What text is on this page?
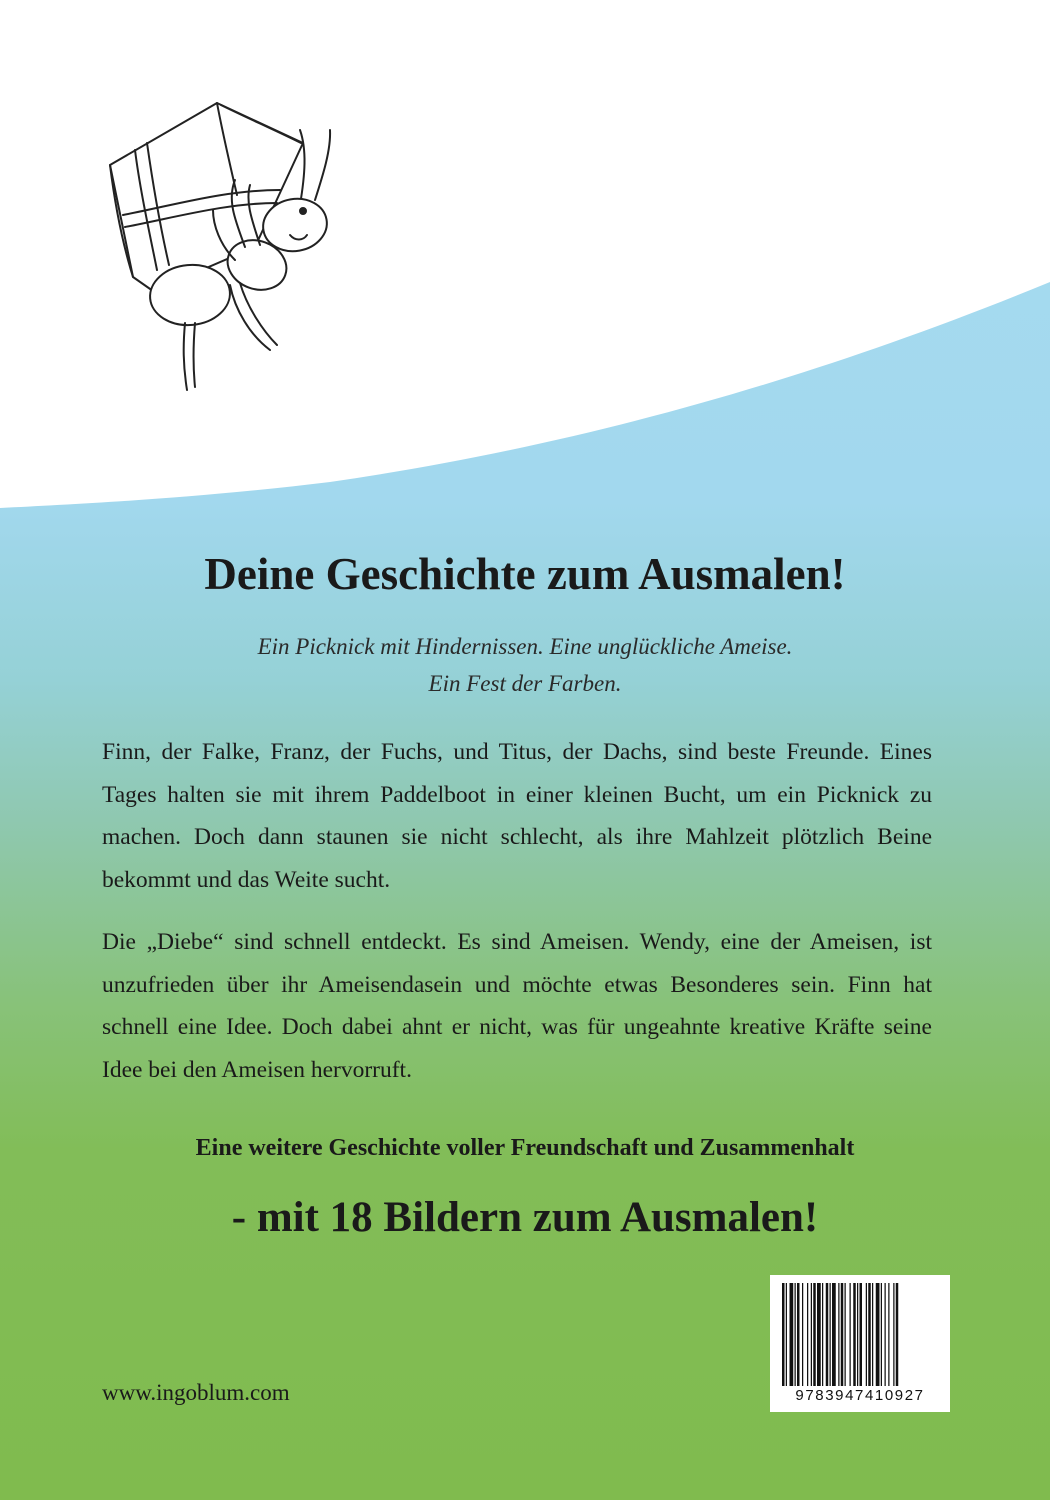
Deine Geschichte zum Ausmalen!
Ein Picknick mit Hindernissen. Eine unglückliche Ameise.
Ein Fest der Farben.

Finn, der Falke, Franz, der Fuchs, und Titus, der Dachs, sind beste Freunde. Eines Tages halten sie mit ihrem Paddelboot in einer kleinen Bucht, um ein Picknick zu machen. Doch dann staunen sie nicht schlecht, als ihre Mahlzeit plötzlich Beine bekommt und das Weite sucht.

Die „Diebe“ sind schnell entdeckt. Es sind Ameisen. Wendy, eine der Ameisen, ist unzufrieden über ihr Ameisendasein und möchte etwas Besonderes sein. Finn hat schnell eine Idee. Doch dabei ahnt er nicht, was für ungeahnte kreative Kräfte seine Idee bei den Ameisen hervorruft.

Eine weitere Geschichte voller Freundschaft und Zusammenhalt

- mit 18 Bildern zum Ausmalen!

www.ingoblum.com	9783947410927
